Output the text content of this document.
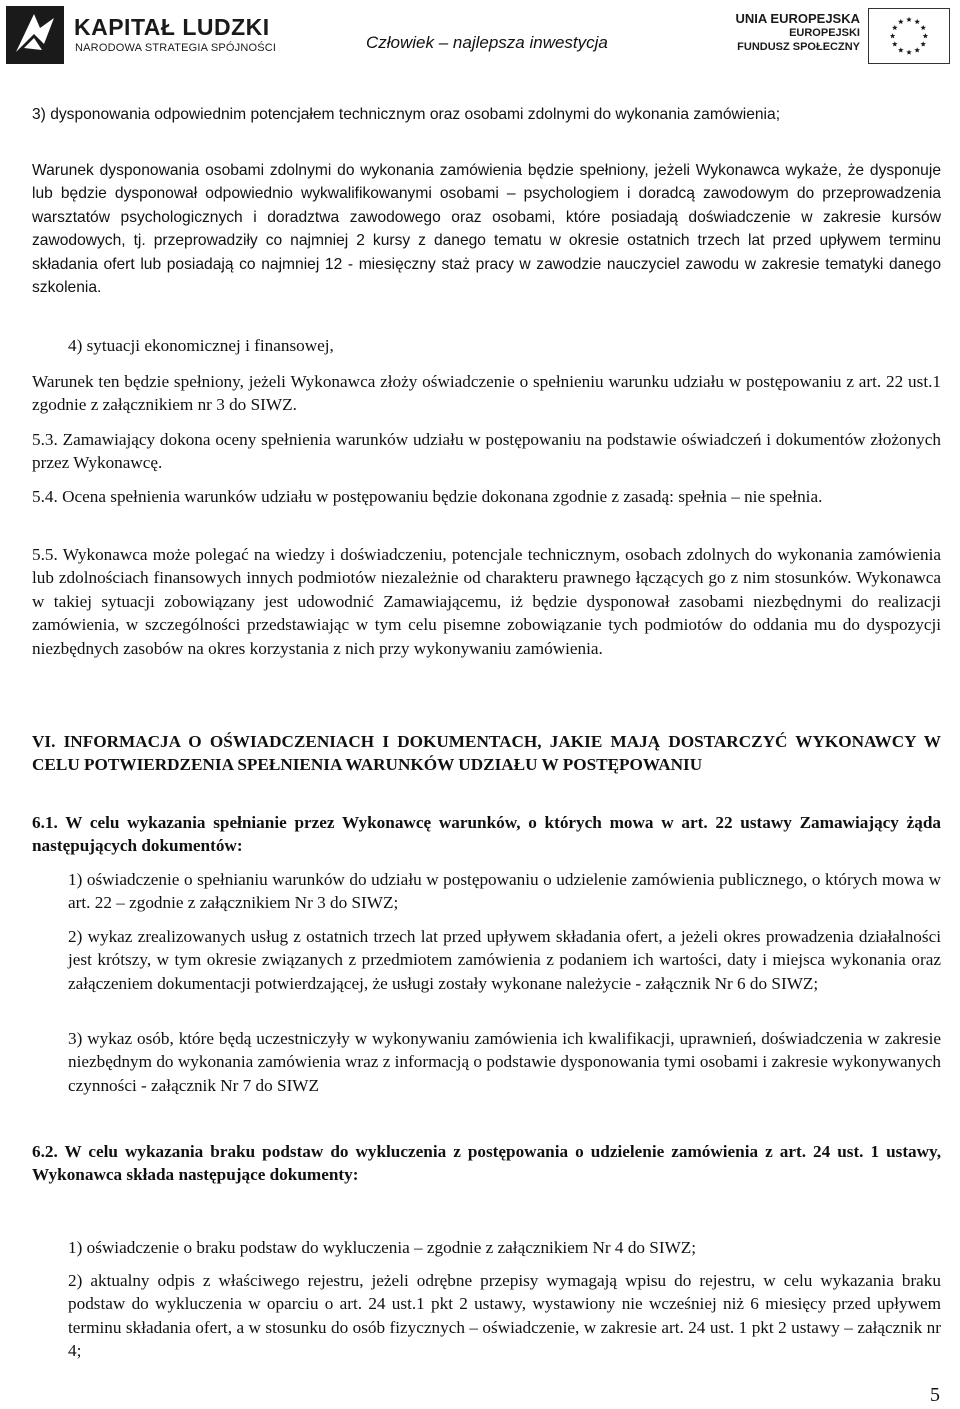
KAPITAŁ LUDZKI
NARODOWA STRATEGIA SPÓJNOŚCI	Człowiek – najlepsza inwestycja
UNIA EUROPEJSKA
EUROPEJSKI
FUNDUSZ SPOŁECZNY

3) dysponowania odpowiednim potencjałem technicznym oraz osobami zdolnymi do wykonania zamówienia;

Warunek dysponowania osobami zdolnymi do wykonania zamówienia będzie spełniony, jeżeli Wykonawca wykaże, że dysponuje lub będzie dysponował odpowiednio wykwalifikowanymi osobami – psychologiem i doradcą zawodowym do przeprowadzenia warsztatów psychologicznych i doradztwa zawodowego oraz osobami, które posiadają doświadczenie w zakresie kursów zawodowych, tj. przeprowadziły co najmniej 2 kursy z danego tematu w okresie ostatnich trzech lat przed upływem terminu składania ofert lub posiadają co najmniej 12 - miesięczny staż pracy w zawodzie nauczyciel zawodu w zakresie tematyki danego szkolenia.

4) sytuacji ekonomicznej i finansowej,

Warunek ten będzie spełniony, jeżeli Wykonawca złoży oświadczenie o spełnieniu warunku udziału w postępowaniu z art. 22 ust.1 zgodnie z załącznikiem nr 3 do SIWZ.

5.3. Zamawiający dokona oceny spełnienia warunków udziału w postępowaniu na podstawie oświadczeń i dokumentów złożonych przez Wykonawcę.

5.4. Ocena spełnienia warunków udziału w postępowaniu będzie dokonana zgodnie z zasadą: spełnia – nie spełnia.

5.5. Wykonawca może polegać na wiedzy i doświadczeniu, potencjale technicznym, osobach zdolnych do wykonania zamówienia lub zdolnościach finansowych innych podmiotów niezależnie od charakteru prawnego łączących go z nim stosunków. Wykonawca w takiej sytuacji zobowiązany jest udowodnić Zamawiającemu, iż będzie dysponował zasobami niezbędnymi do realizacji zamówienia, w szczególności przedstawiając w tym celu pisemne zobowiązanie tych podmiotów do oddania mu do dyspozycji niezbędnych zasobów na okres korzystania z nich przy wykonywaniu zamówienia.

VI. INFORMACJA O OŚWIADCZENIACH I DOKUMENTACH, JAKIE MAJĄ DOSTARCZYĆ WYKONAWCY W CELU POTWIERDZENIA SPEŁNIENIA WARUNKÓW UDZIAŁU W POSTĘPOWANIU

6.1. W celu wykazania spełnianie przez Wykonawcę warunków, o których mowa w art. 22 ustawy Zamawiający żąda następujących dokumentów:

1) oświadczenie o spełnianiu warunków do udziału w postępowaniu o udzielenie zamówienia publicznego, o których mowa w art. 22 – zgodnie z załącznikiem Nr 3 do SIWZ;

2) wykaz zrealizowanych usług z ostatnich trzech lat przed upływem składania ofert, a jeżeli okres prowadzenia działalności jest krótszy, w tym okresie związanych z przedmiotem zamówienia z podaniem ich wartości, daty i miejsca wykonania oraz załączeniem dokumentacji potwierdzającej, że usługi zostały wykonane należycie - załącznik Nr 6 do SIWZ;

3) wykaz osób, które będą uczestniczyły w wykonywaniu zamówienia ich kwalifikacji, uprawnień, doświadczenia w zakresie niezbędnym do wykonania zamówienia wraz z informacją o podstawie dysponowania tymi osobami i zakresie wykonywanych czynności - załącznik Nr 7 do SIWZ

6.2. W celu wykazania braku podstaw do wykluczenia z postępowania o udzielenie zamówienia z art. 24 ust. 1 ustawy, Wykonawca składa następujące dokumenty:

1) oświadczenie o braku podstaw do wykluczenia – zgodnie z załącznikiem Nr 4 do SIWZ;

2) aktualny odpis z właściwego rejestru, jeżeli odrębne przepisy wymagają wpisu do rejestru, w celu wykazania braku podstaw do wykluczenia w oparciu o art. 24 ust.1 pkt 2 ustawy, wystawiony nie wcześniej niż 6 miesięcy przed upływem terminu składania ofert, a w stosunku do osób fizycznych – oświadczenie, w zakresie art. 24 ust. 1 pkt 2 ustawy – załącznik nr 4;

5
